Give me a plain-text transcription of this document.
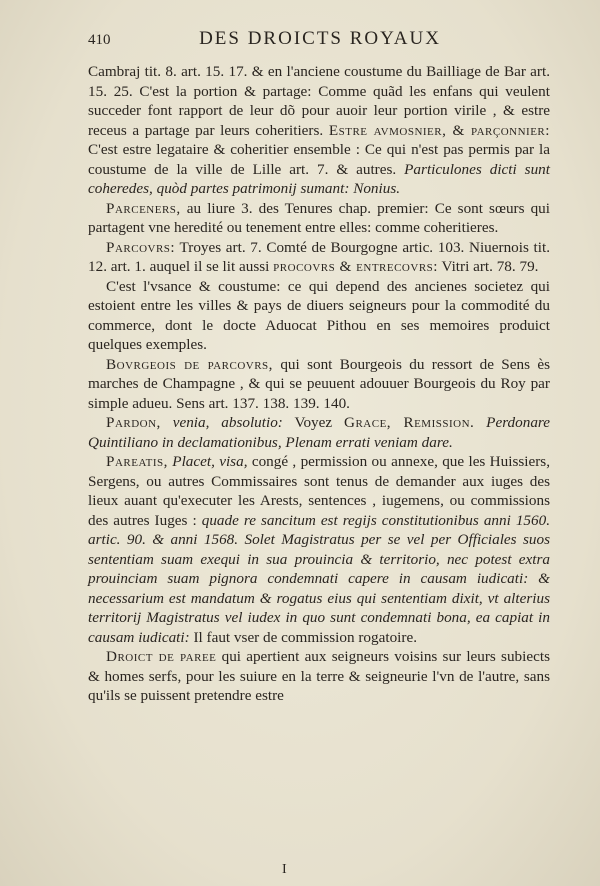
410	DES DROICTS ROYAUX

Cambraj tit. 8. art. 15. 17. & en l'anciene coustume du Bailliage de Bar art. 15. 25. C'est la portion & partage: Comme quãd les enfans qui veulent succeder font rapport de leur dõ pour auoir leur portion virile , & estre receus a partage par leurs coheritiers. Estre avmosnier, & parçonnier: C'est estre legataire & coheritier ensemble : Ce qui n'est pas permis par la coustume de la ville de Lille art. 7. & autres. Particulones dicti sunt coheredes, quòd partes patrimonij sumant: Nonius.

Parceners, au liure 3. des Tenures chap. premier: Ce sont sœurs qui partagent vne heredité ou tenement entre elles: comme coheritieres.

Parcovrs: Troyes art. 7. Comté de Bourgogne artic. 103. Niuernois tit. 12. art. 1. auquel il se lit aussi procovrs & entrecovrs: Vitri art. 78. 79.

C'est l'vsance & coustume: ce qui depend des ancienes societez qui estoient entre les villes & pays de diuers seigneurs pour la commodité du commerce, dont le docte Aduocat Pithou en ses memoires produict quelques exemples.

Bovrgeois de parcovrs, qui sont Bourgeois du ressort de Sens ès marches de Champagne , & qui se peuuent adouuer Bourgeois du Roy par simple adueu. Sens art. 137. 138. 139. 140.

Pardon, venia, absolutio: Voyez Grace, Remission. Perdonare Quintiliano in declamationibus, Plenam errati veniam dare.

Pareatis, Placet, visa, congé , permission ou annexe, que les Huissiers, Sergens, ou autres Commissaires sont tenus de demander aux iuges des lieux auant qu'executer les Arests, sentences , iugemens, ou commissions des autres Iuges : quade re sancitum est regijs constitutionibus anni 1560. artic. 90. & anni 1568. Solet Magistratus per se vel per Officiales suos sententiam suam exequi in sua prouincia & territorio, nec potest extra prouinciam suam pignora condemnati capere in causam iudicati: & necessarium est mandatum & rogatus eius qui sententiam dixit, vt alterius territorij Magistratus vel iudex in quo sunt condemnati bona, ea capiat in causam iudicati: Il faut vser de commission rogatoire.

Droict de paree qui apertient aux seigneurs voisins sur leurs subiects & homes serfs, pour les suiure en la terre & seigneurie l'vn de l'autre, sans qu'ils se puissent pretendre estre

I
